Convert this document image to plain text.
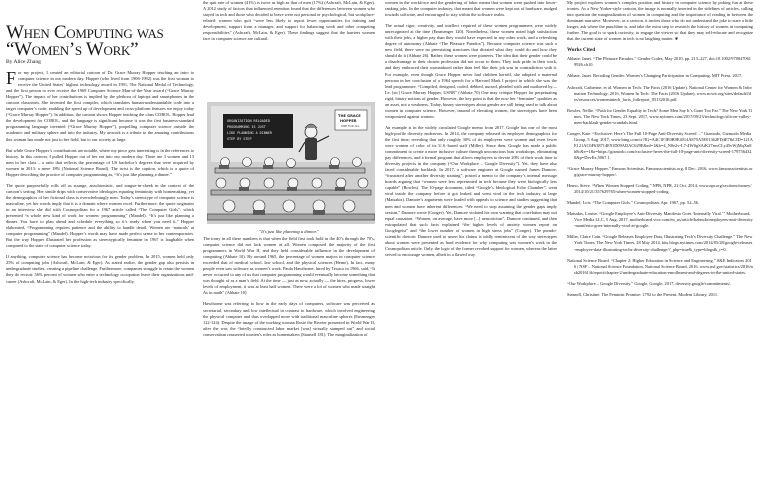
When Computing was
“Women’s Work”
By Alice Zhang

For my project, I created an editorial cartoon of Dr. Grace Murray Hopper teaching an intro to computer science in our modern day. Hopper (who lived from 1906-1992) was the first woman to receive the United States’ highest technology award in 1991, The National Medal of Technology, and the first person to ever receive the 1969 Computer Science Man-of-the-Year award (“Grace Murray Hopper”). The impact of her contributions is implied by the plethora of laptops and smartphones in the cartoon classroom. She invented the first compiler, which translates human-understandable code into a target computer’s code, enabling the speed up of development and cross-platform features we enjoy today (“Grace Murray Hopper”). In addition, the cartoon shows Hopper teaching the class COBOL. Hopper lead the development for COBOL, and the language is significant because it was the first business-standard programming language invented (“Grace Murray Hopper”), propelling computer science outside the academic and military sphere and into the industry. My artwork is a tribute to the amazing contributions this woman has made not just to her field, but to our society at large.

But while Grace Hopper’s contributions are notable, where my piece gets interesting is in the references to history. In this cartoon, I pulled Hopper out of her era into our modern day. There are 3 women and 13 men in her class – a ratio that reflects the percentage of US bachelor’s degrees that were acquired by women in 2013: a mere 18% (National Science Board). The twist is the caption, which is a quote of Hopper describing the practice of computer programming as, “It’s just like planning a dinner.”

The quote purposefully rolls off as strange, anachronistic, and tongue-in-cheek in the context of the cartoon’s setting. Her simile drips with conservative ideologies equating femininity with homemaking, yet the demographics of her fictional class is overwhelmingly men. Today’s stereotype of computer science is masculine, yet her words imply that it is a domain where women excel. Furthermore, the quote originates in an interview she did with Cosmopolitan for a 1967 article called “The Computer Girls”, which presented “a whole new kind of work for women: programming” (Mandel). “It’s just like planning a dinner. You have to plan ahead and schedule everything so it’s ready when you need it,” Hopper elaborated, “Programming requires patience and the ability to handle detail. Women are ‘naturals’ at computer programming” (Mandel). Hopper’s words may have made perfect sense to her contemporaries. But the way Hopper illustrated her profession as stereotypically feminine in 1967 is laughable when compared to the state of computer science today.

If anything, computer science has become notorious for its gender problem. In 2015, women held only 25% of computing jobs (Ashcraft, McLain, & Eger). As stated earlier, the gender gap also persists in undergraduate studies, creating a pipeline challenge. Furthermore, companies struggle to retain the women they do recruit: 56% percent of women who enter a technology occupation leave their organizations mid-career (Ashcraft, McLain, & Eger). In the high-tech industry specifically,

the quit rate of women (41%) is twice as high as that of men (17%) (Ashcraft, McLain, & Eger). A 2012 study of factors that influenced retention found that the differences between women who stayed in tech and those who decided to leave were not personal or psychological, but workplace-related: women who quit “were less likely to report fewer opportunities for training and development, support from a manager, and support for balancing work and other competing responsibilities” (Ashcraft, McLain, & Eger). These findings suggest that the barriers women face in computer science are cultural.

ORGANIZATION RELOADED
PROGRAMMING IS JUST
LIKE PLANNING A DINNER
STEP BY STEP
THE GRACE
HOPPER
ONE FOR ALL
"It's just like planning a dinner."

The irony in all these numbers is that when the field first took hold in the 40’s through the 70’s, computer science did not lack women at all. Women composed the majority of the first programmers in World War II, and they held considerable influence in the development of computing (Abbate 10). By around 1965, the percentage of women majors in computer science exceeded that of medical school, law school, and the physical sciences (Hemo). In fact, many people even saw software as women’s work. Paula Hawthorne, hired by Texaco in 1966, said, “It never occurred to any of us that computer programming would eventually become something that was thought of as a man’s field. At the time — just as now, actually — the hires, progress, lower levels of employment, it was at least half women. There were a lot of women who made straight As in math” (Abbate 10)

Hawthorne was referring to how in the early days of computers, software was perceived as secretarial, secondary and low intellectual in contrast to hardware, which involved engineering the physical computer and thus overlapped more with traditional masculine spheres (Ensmenger 122-124). Despite the image of the working woman Rosie the Riveter presented in World War II, after the war, the “briefly constructed labor market [was] virtually stamped out” and social conservatism reasserted women’s roles as homemakers (Stansell 181). The marginalization of

women in the workforce and the gendering of labor meant that women were pushed into lower-ranking jobs. In the computer industry, that meant that women were kept out of hardware, nudged towards software, and encouraged to stay within the software realm.

The actual rigor, creativity, and intellect required of these women programmers were widely unrecognized at the time (Ensmenger 120). Nonetheless, these women noted high satisfaction with their jobs, a higher pay than they would have expected in any other work, and a refreshing degree of autonomy (Abbate “The Pleasure Paradox”). Because computer science was such a new field, there were no preexisting structures that dictated what they could do and how they should do it (Abbate 26). Rather, these women were pioneers. The idea that their gender could be a disadvantage to their chosen profession did not occur to them. They took pride in their work, and they embraced their womanhood rather than feel like their job was in contradiction with it. For example, even though Grace Hopper never had children herself, she adopted a maternal persona in her conclusion of a 1964 speech for a Harvard Mark I project in which she was the lead programmer: “Compiled, designed, coded, debbed, nursed, pleaded with and mothered by—I.e. [sic] Grace Murray Hopper, USNR” (Abbate 70) One may critique Hopper for perpetuating rigid, binary notions of gender. However, the key point is that the now her “feminine” qualities as an asset, not a weakness. Today, binary stereotypes about gender are still being used to talk about women in computer science. However, instead of elevating women, the stereotypes have been weaponized against women.

An example is in the widely circulated Google memo from 2017. Google has one of the most high-profile diversity endeavors. In 2014, the company released its employee demographics for the first time, revealing that only roughly 30% of its employees were women and even fewer were women of color of its U.S.-based staff (Miller). Since then, Google has made a public commitment to create a more inclusive culture through unconscious bias workshops, eliminating pay differences, and a formal program that allows employees to devote 20% of their work time to diversity projects in the company (“Our Workplace – Google Diversity”). Yet, they have also faced considerable backlash. In 2017, a software engineer at Google named James Damore, “frustrated after another diversity training”, posted a memo to the company’s internal message boards arguing that “women were less represented in tech because they were biologically less capable” (Bowles). The 10-page document, titled “Google’s Ideological Echo Chamber”, went viral inside the company before it got leaked and went viral in the tech industry at large (Matsakis). Damore’s arguments were loaded with appeals to science and studies suggesting that men and women have inherent differences: “We need to stop assuming the gender gaps imply sexism,” Damore wrote (Conger). Yet, Damore violated his own warning that correlation may not equal causation. “Women, on average, have more [...] neuroticism”, Damore continued, and then extrapolated that such facts explained “the higher levels of anxiety women report on Googlegeist” and “the lower number of women in high stress jobs” (Conger). The pseudo-scientific rhetoric Damore used to assert his claims is oddly reminiscent of the way stereotypes about women were presented as hard evidence for why computing was women’s work in the Cosmopolitan article. Only, the logic of the former revoked support for women, whereas the latter served to encourage women, albeit in a flawed way.

My project explores women’s complex position and history in computer science by poking fun at these ironies. As a New Yorker-style cartoon, the image is normally inserted in the sidelines of articles, calling into question the marginalization of women in computing and the importance of reading in between the dominant narrative. Moreover, as a cartoon, it invites those who do not understand the joke to stare a little longer, ask where the punchline is, and take the extra step to research the history of women in computing further. The goal is to spark curiosity, to engage the viewer so that they may self-educate and recognize that the current state of women in tech is no laughing matter. ❦

Works Cited

Abbate, Janet. “The Pleasure Paradox.” Gender Codes, May 2010, pp. 213–227, doi:10.1002/9780470619926.ch10.

Abbate, Janet. Recoding Gender: Women’s Changing Participation in Computing. MIT Press, 2017.

Ashcraft, Catherine, et al. Women in Tech: The Facts (2016 Update). National Center for Women & Information Technology, 2016, Women In Tech: The Facts (2016 Update), www.ncwit.org/sites/default/files/resources/womenintech_facts_fullreport_05132016.pdf.

Bowles, Nellie. “Push for Gender Equality in Tech? Some Men Say It’s Gone Too Far.” The New York Times, The New York Times, 23 Sept. 2017, www.nytimes.com/2017/09/23/technology/silicon-valley-men-backlash-gender-scandals.html.

Conger, Kate. “Exclusive: Here’s The Full 10-Page Anti-Diversity Screed ...” Gizmodo, Gizmodo Media Group, 5 Aug. 2017, www.bing.com/cr?IG=A4C1F3E0B9E4014A875A5E01362FD4E7&CID=121AE121AC6F638714E91D09ADAC629E&rd=1&h=4_N0e2v-L7-4WSgSAiK27mvCLy45vWjMqXn8h8c&v=1&r=https://gizmodo.com/exclusive-heres-the-full-10-page-anti-diversity-screed-1797564320&p=DevEx,5067.1.

“Grace Murray Hopper.” Famous Scientists, Famousscientists.org, 8 Dec. 2016, www.famousscientists.org/grace-murray-hopper/.

Hemo, Steve. “When Women Stopped Coding.” NPR, NPR, 21 Oct. 2014, www.npr.org/sections/money/2014/10/21/357629765/when-women-stopped-coding.

Mandel, Lois. “The Computer Girls.” Cosmopolitan, Apr. 1967, pp. 52–56.

Matsakis, Louise. “Google Employee’s Anti-Diversity Manifesto Goes ‘Internally Viral.’” Motherboard, Vice Media LLC, 5 Aug. 2017, motherboard.vice.com/en_us/article/kzbm4a/employees-anti-diversity-manifesto-goes-internally-viral-at-google.

Miller, Claire Cain. “Google Releases Employee Data, Illustrating Tech’s Diversity Challenge.” The New York Times, The New York Times, 28 May 2014, bits.blogs.nytimes.com/2014/05/28/google-releases-employee-data-illustrating-techs-diversity-challenge/?_php=true&_type=blogs&_r=0.

National Science Board. “Chapter 2: Higher Education in Science and Engineering.” S&E Indicators 2016 | NSF – National Science Foundation, National Science Board, 2016, www.nsf.gov/statistics/2016/nsb20161/#/report/chapter-2/undergraduate-education-enrollment-and-degrees-in-the-united-states.

“Our Workplace – Google Diversity.” Google, Google, 2017, diversity.google/commitments/.

Stansell, Christine. The Feminist Promise: 1792 to the Present. Modern Library, 2011.
